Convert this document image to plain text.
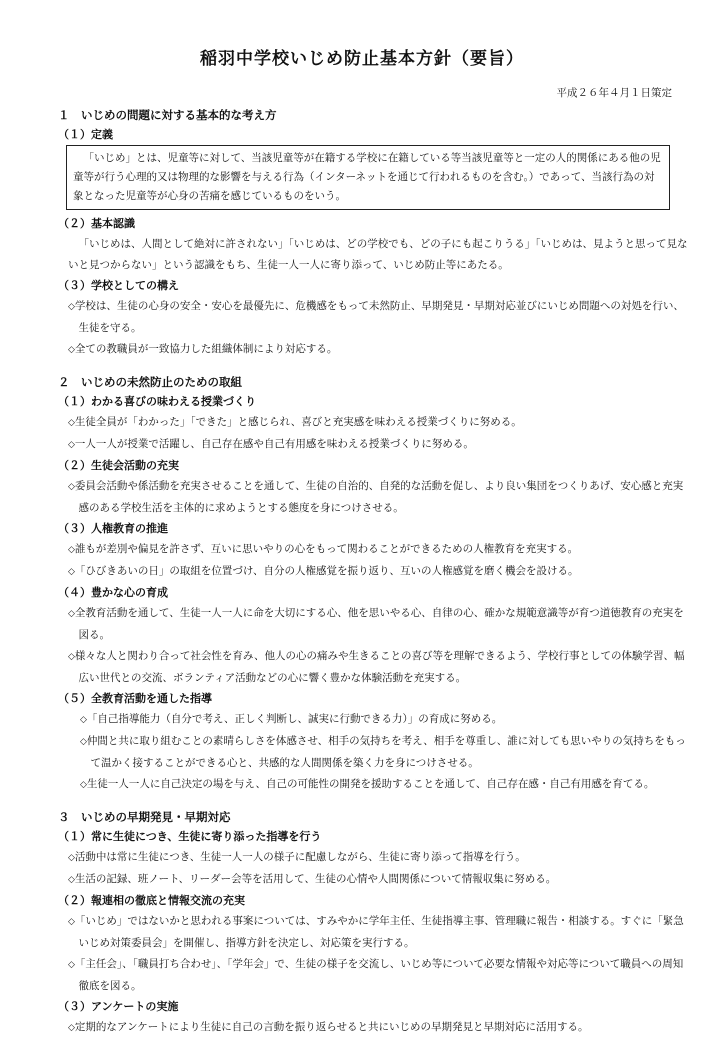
稲羽中学校いじめ防止基本方針（要旨）
平成２６年４月１日策定
１　いじめの問題に対する基本的な考え方
（１）定義
「いじめ」とは、児童等に対して、当該児童等が在籍する学校に在籍している等当該児童等と一定の人的関係にある他の児童等が行う心理的又は物理的な影響を与える行為（インターネットを通じて行われるものを含む。）であって、当該行為の対象となった児童等が心身の苦痛を感じているものをいう。
（２）基本認識

「いじめは、人間として絶対に許されない」「いじめは、どの学校でも、どの子にも起こりうる」「いじめは、見ようと思って見ないと見つからない」という認識をもち、生徒一人一人に寄り添って、いじめ防止等にあたる。

（３）学校としての構え

◇学校は、生徒の心身の安全・安心を最優先に、危機感をもって未然防止、早期発見・早期対応並びにいじめ問題への対処を行い、生徒を守る。

◇全ての教職員が一致協力した組織体制により対応する。

２　いじめの未然防止のための取組
（１）わかる喜びの味わえる授業づくり

◇生徒全員が「わかった」「できた」と感じられ、喜びと充実感を味わえる授業づくりに努める。

◇一人一人が授業で活躍し、自己存在感や自己有用感を味わえる授業づくりに努める。

（２）生徒会活動の充実

◇委員会活動や係活動を充実させることを通して、生徒の自治的、自発的な活動を促し、より良い集団をつくりあげ、安心感と充実感のある学校生活を主体的に求めようとする態度を身につけさせる。

（３）人権教育の推進

◇誰もが差別や偏見を許さず、互いに思いやりの心をもって関わることができるための人権教育を充実する。

◇「ひびきあいの日」の取組を位置づけ、自分の人権感覚を振り返り、互いの人権感覚を磨く機会を設ける。

（４）豊かな心の育成

◇全教育活動を通して、生徒一人一人に命を大切にする心、他を思いやる心、自律の心、確かな規範意識等が育つ道徳教育の充実を図る。

◇様々な人と関わり合って社会性を育み、他人の心の痛みや生きることの喜び等を理解できるよう、学校行事としての体験学習、幅広い世代との交流、ボランティア活動などの心に響く豊かな体験活動を充実する。

（５）全教育活動を通した指導

◇「自己指導能力（自分で考え、正しく判断し、誠実に行動できる力）」の育成に努める。

◇仲間と共に取り組むことの素晴らしさを体感させ、相手の気持ちを考え、相手を尊重し、誰に対しても思いやりの気持ちをもって温かく接することができる心と、共感的な人間関係を築く力を身につけさせる。

◇生徒一人一人に自己決定の場を与え、自己の可能性の開発を援助することを通して、自己存在感・自己有用感を育てる。

３　いじめの早期発見・早期対応
（１）常に生徒につき、生徒に寄り添った指導を行う

◇活動中は常に生徒につき、生徒一人一人の様子に配慮しながら、生徒に寄り添って指導を行う。

◇生活の記録、班ノート、リーダー会等を活用して、生徒の心情や人間関係について情報収集に努める。

（２）報連相の徹底と情報交流の充実

◇「いじめ」ではないかと思われる事案については、すみやかに学年主任、生徒指導主事、管理職に報告・相談する。すぐに「緊急いじめ対策委員会」を開催し、指導方針を決定し、対応策を実行する。

◇「主任会」、「職員打ち合わせ」、「学年会」で、生徒の様子を交流し、いじめ等について必要な情報や対応等について職員への周知徹底を図る。

（３）アンケートの実施

◇定期的なアンケートにより生徒に自己の言動を振り返らせると共にいじめの早期発見と早期対応に活用する。
